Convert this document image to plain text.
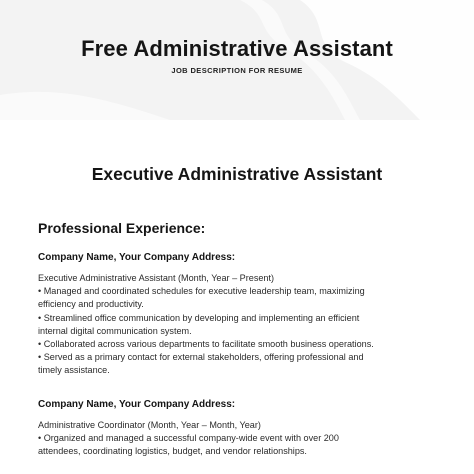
Free Administrative Assistant
JOB DESCRIPTION FOR RESUME
Executive Administrative Assistant
Professional Experience:
Company Name, Your Company Address:
Executive Administrative Assistant (Month, Year – Present)
• Managed and coordinated schedules for executive leadership team, maximizing
efficiency and productivity.
• Streamlined office communication by developing and implementing an efficient
internal digital communication system.
• Collaborated across various departments to facilitate smooth business operations.
• Served as a primary contact for external stakeholders, offering professional and
timely assistance.
Company Name, Your Company Address:
Administrative Coordinator (Month, Year – Month, Year)
• Organized and managed a successful company-wide event with over 200
attendees, coordinating logistics, budget, and vendor relationships.
